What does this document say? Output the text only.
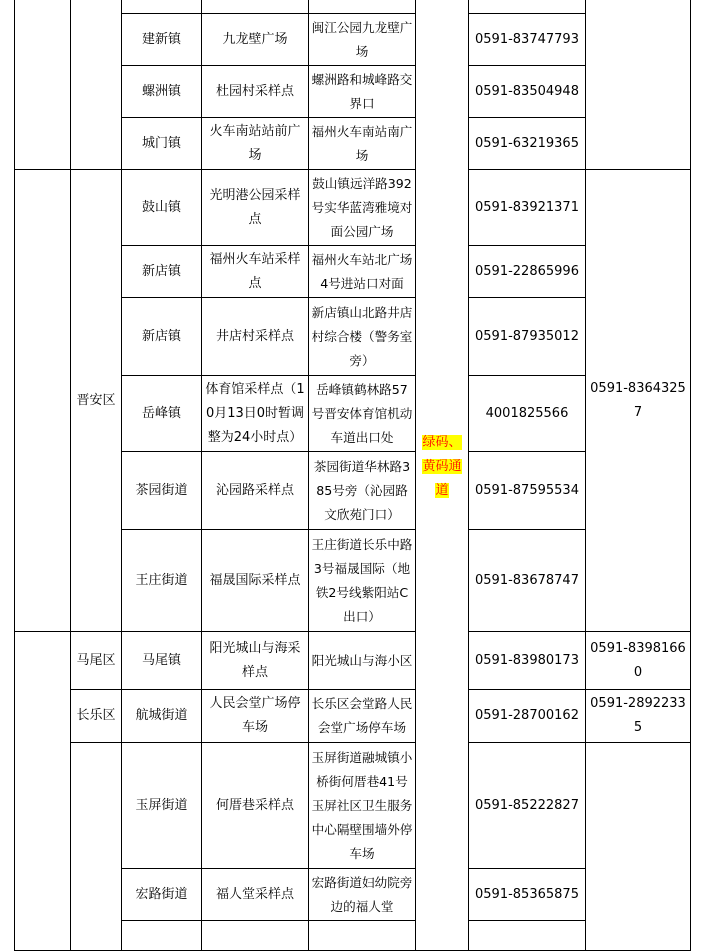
					绿码、黄码通道		
		建新镇	九龙壁广场	闽江公园九龙壁广场		0591-83747793	
		螺洲镇	杜园村采样点	螺洲路和城峰路交界口		0591-83504948	
		城门镇	火车南站站前广场	福州火车南站南广场		0591-63219365	
	晋安区	鼓山镇	光明港公园采样点	鼓山镇远洋路392号实华蓝湾雅境对面公园广场		0591-83921371	0591-83643257
		新店镇	福州火车站采样点	福州火车站北广场4号进站口对面		0591-22865996	
		新店镇	井店村采样点	新店镇山北路井店村综合楼（警务室旁）		0591-87935012	
		岳峰镇	体育馆采样点（10月13日0时暂调整为24小时点）	岳峰镇鹤林路57号晋安体育馆机动车道出口处		4001825566	
		茶园街道	沁园路采样点	茶园街道华林路385号旁（沁园路文欣苑门口）		0591-87595534	
		王庄街道	福晟国际采样点	王庄街道长乐中路3号福晟国际（地铁2号线紫阳站C出口）		0591-83678747	
	马尾区	马尾镇	阳光城山与海采样点	阳光城山与海小区		0591-83980173	0591-83981660
	长乐区	航城街道	人民会堂广场停车场	长乐区会堂路人民会堂广场停车场		0591-28700162	0591-28922335
		玉屏街道	何厝巷采样点	玉屏街道融城镇小桥街何厝巷41号玉屏社区卫生服务中心隔壁围墙外停车场		0591-85222827	
		宏路街道	福人堂采样点	宏路街道妇幼院旁边的福人堂		0591-85365875	
